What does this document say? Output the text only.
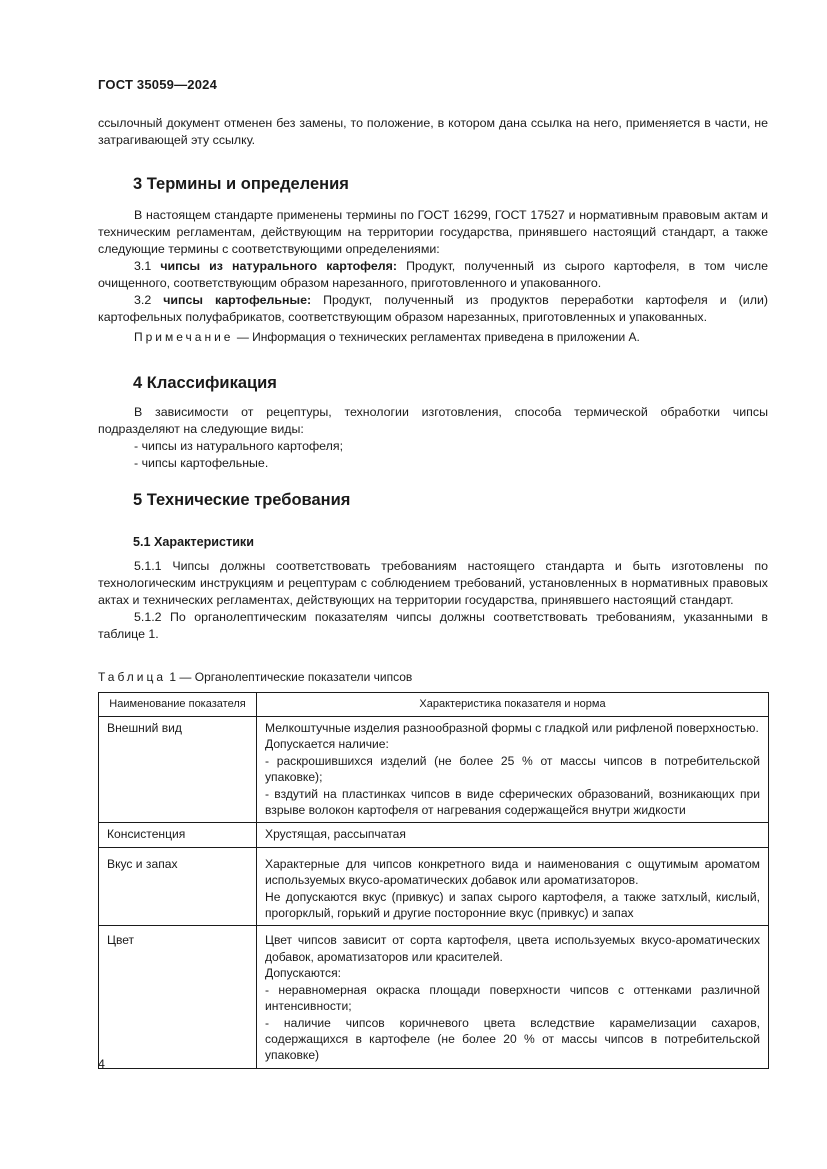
ГОСТ 35059—2024
ссылочный документ отменен без замены, то положение, в котором дана ссылка на него, применяется в части, не затрагивающей эту ссылку.
3 Термины и определения

В настоящем стандарте применены термины по ГОСТ 16299, ГОСТ 17527 и нормативным правовым актам и техническим регламентам, действующим на территории государства, принявшего настоящий стандарт, а также следующие термины с соответствующими определениями:

3.1 чипсы из натурального картофеля: Продукт, полученный из сырого картофеля, в том числе очищенного, соответствующим образом нарезанного, приготовленного и упакованного.

3.2 чипсы картофельные: Продукт, полученный из продуктов переработки картофеля и (или) картофельных полуфабрикатов, соответствующим образом нарезанных, приготовленных и упакованных.

Примечание — Информация о технических регламентах приведена в приложении А.
4 Классификация

В зависимости от рецептуры, технологии изготовления, способа термической обработки чипсы подразделяют на следующие виды:

- чипсы из натурального картофеля;

- чипсы картофельные.

5 Технические требования
5.1 Характеристики

5.1.1 Чипсы должны соответствовать требованиям настоящего стандарта и быть изготовлены по технологическим инструкциям и рецептурам с соблюдением требований, установленных в нормативных правовых актах и технических регламентах, действующих на территории государства, принявшего настоящий стандарт.

5.1.2 По органолептическим показателям чипсы должны соответствовать требованиям, указанными в таблице 1.

Таблица 1 — Органолептические показатели чипсов
Наименование показателя	Характеристика показателя и норма
Внешний вид	Мелкоштучные изделия разнообразной формы с гладкой или рифленой поверхностью.
Допускается наличие:
- раскрошившихся изделий (не более 25 % от массы чипсов в потребительской упаковке);
- вздутий на пластинках чипсов в виде сферических образований, возникающих при взрыве волокон картофеля от нагревания содержащейся внутри жидкости

Консистенция	Хрустящая, рассыпчатая

Вкус и запах	Характерные для чипсов конкретного вида и наименования с ощутимым ароматом используемых вкусо-ароматических добавок или ароматизаторов.
Не допускаются вкус (привкус) и запах сырого картофеля, а также затхлый, кислый, прогорклый, горький и другие посторонние вкус (привкус) и запах

Цвет	Цвет чипсов зависит от сорта картофеля, цвета используемых вкусо-ароматических добавок, ароматизаторов или красителей.
Допускаются:
- неравномерная окраска площади поверхности чипсов с оттенками различной интенсивности;
- наличие чипсов коричневого цвета вследствие карамелизации сахаров, содержащихся в картофеле (не более 20 % от массы чипсов в потребительской упаковке)
4
